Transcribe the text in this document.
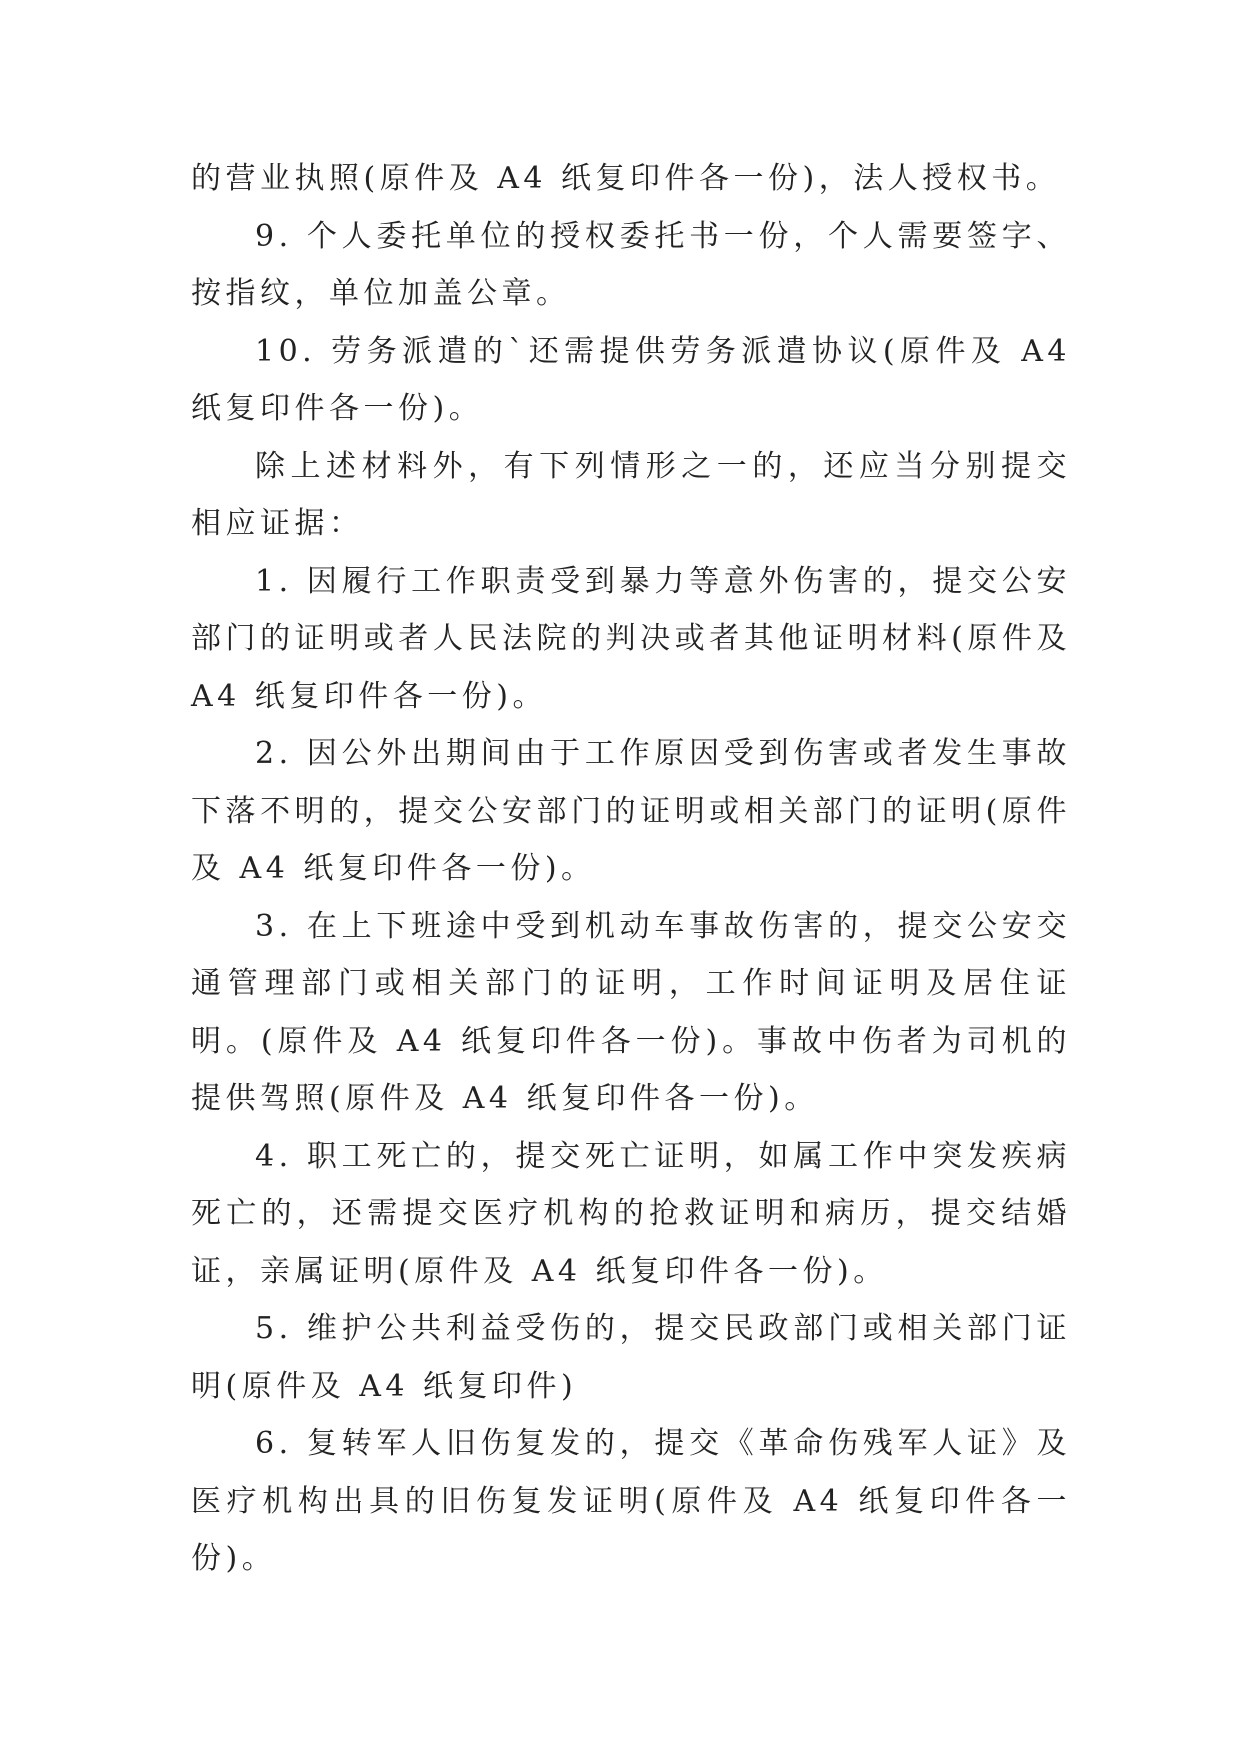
的营业执照(原件及 A4 纸复印件各一份)，法人授权书。

9. 个人委托单位的授权委托书一份，个人需要签字、按指纹，单位加盖公章。

10. 劳务派遣的`还需提供劳务派遣协议(原件及 A4 纸复印件各一份)。

除上述材料外，有下列情形之一的，还应当分别提交相应证据：

1. 因履行工作职责受到暴力等意外伤害的，提交公安部门的证明或者人民法院的判决或者其他证明材料(原件及 A4 纸复印件各一份)。

2. 因公外出期间由于工作原因受到伤害或者发生事故下落不明的，提交公安部门的证明或相关部门的证明(原件及 A4 纸复印件各一份)。

3. 在上下班途中受到机动车事故伤害的，提交公安交通管理部门或相关部门的证明，工作时间证明及居住证明。(原件及 A4 纸复印件各一份)。事故中伤者为司机的提供驾照(原件及 A4 纸复印件各一份)。

4. 职工死亡的，提交死亡证明，如属工作中突发疾病死亡的，还需提交医疗机构的抢救证明和病历，提交结婚证，亲属证明(原件及 A4 纸复印件各一份)。

5. 维护公共利益受伤的，提交民政部门或相关部门证明(原件及 A4 纸复印件)

6. 复转军人旧伤复发的，提交《革命伤残军人证》及医疗机构出具的旧伤复发证明(原件及 A4 纸复印件各一份)。
